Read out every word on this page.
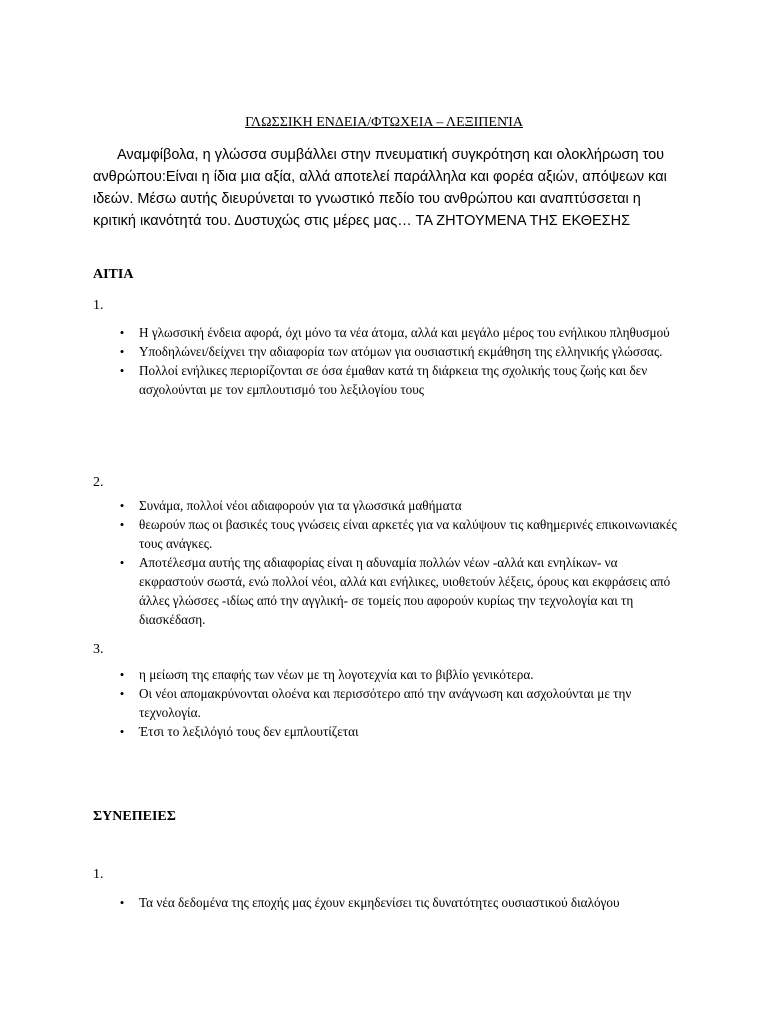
ΓΛΩΣΣΙΚΗ ΕΝΔΕΙΑ/ΦΤΩΧΕΙΑ – ΛΕΞΙΠΕΝΊΑ

Αναμφίβολα, η γλώσσα συμβάλλει στην πνευματική συγκρότηση και ολοκλήρωση του ανθρώπου:Είναι η ίδια μια αξία, αλλά αποτελεί παράλληλα και φορέα αξιών, απόψεων και ιδεών. Μέσω αυτής διευρύνεται το γνωστικό πεδίο του ανθρώπου και αναπτύσσεται η κριτική ικανότητά του. Δυστυχώς στις μέρες μας… ΤΑ ΖΗΤΟΥΜΕΝΑ ΤΗΣ ΕΚΘΕΣΗΣ

ΑΙΤΙΑ

1.

• Η γλωσσική ένδεια αφορά, όχι μόνο τα νέα άτομα, αλλά και μεγάλο μέρος του ενήλικου πληθυσμού
• Υποδηλώνει/δείχνει την αδιαφορία των ατόμων για ουσιαστική εκμάθηση της ελληνικής γλώσσας.
• Πολλοί ενήλικες περιορίζονται σε όσα έμαθαν κατά τη διάρκεια της σχολικής τους ζωής και δεν ασχολούνται με τον εμπλουτισμό του λεξιλογίου τους

2.

• Συνάμα, πολλοί νέοι αδιαφορούν για τα γλωσσικά μαθήματα
• θεωρούν πως οι βασικές τους γνώσεις είναι αρκετές για να καλύψουν τις καθημερινές επικοινωνιακές τους ανάγκες.
• Αποτέλεσμα αυτής της αδιαφορίας είναι η αδυναμία πολλών νέων -αλλά και ενηλίκων- να εκφραστούν σωστά, ενώ πολλοί νέοι, αλλά και ενήλικες, υιοθετούν λέξεις, όρους και εκφράσεις από άλλες γλώσσες -ιδίως από την αγγλική- σε τομείς που αφορούν κυρίως την τεχνολογία και τη διασκέδαση.

3.

• η μείωση της επαφής των νέων με τη λογοτεχνία και το βιβλίο γενικότερα.
• Οι νέοι απομακρύνονται ολοένα και περισσότερο από την ανάγνωση και ασχολούνται με την τεχνολογία.
• Έτσι το λεξιλόγιό τους δεν εμπλουτίζεται
ΣΥΝΕΠΕΙΕΣ

1.

• Τα νέα δεδομένα της εποχής μας έχουν εκμηδενίσει τις δυνατότητες ουσιαστικού διαλόγου
